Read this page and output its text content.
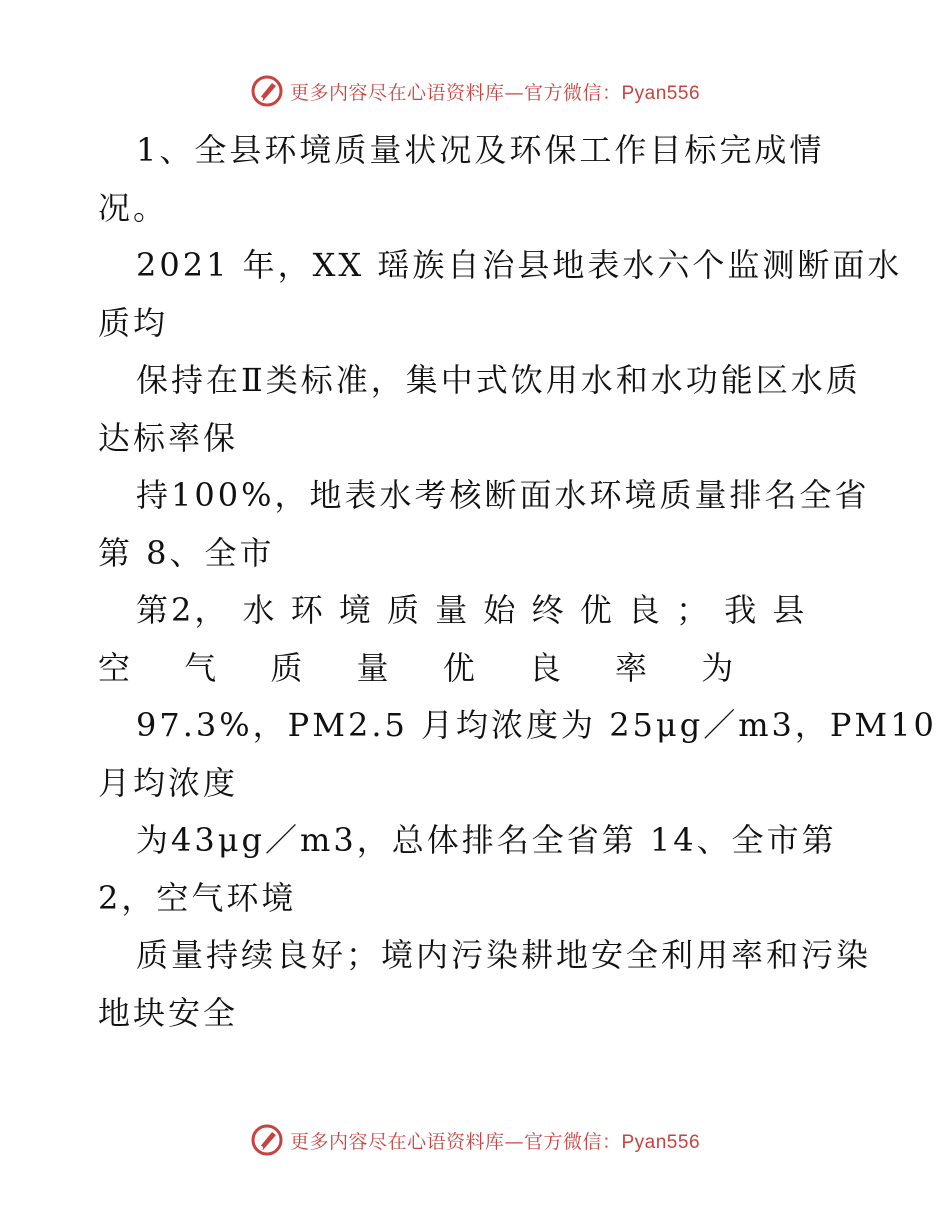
更多内容尽在心语资料库—官方微信：Pyan556
1、全县环境质量状况及环保工作目标完成情
况。
2021 年，XX 瑶族自治县地表水六个监测断面水
质均
保持在Ⅱ类标准，集中式饮用水和水功能区水质
达标率保
持100%，地表水考核断面水环境质量排名全省
第 8、全市
第2， 水 环 境 质 量 始 终 优 良 ； 我 县
空 气 质 量 优 良 率 为
97.3%，PM2.5 月均浓度为 25μg／m3，PM10
月均浓度
为43μg／m3，总体排名全省第 14、全市第
2，空气环境
质量持续良好；境内污染耕地安全利用率和污染
地块安全
更多内容尽在心语资料库—官方微信：Pyan556
